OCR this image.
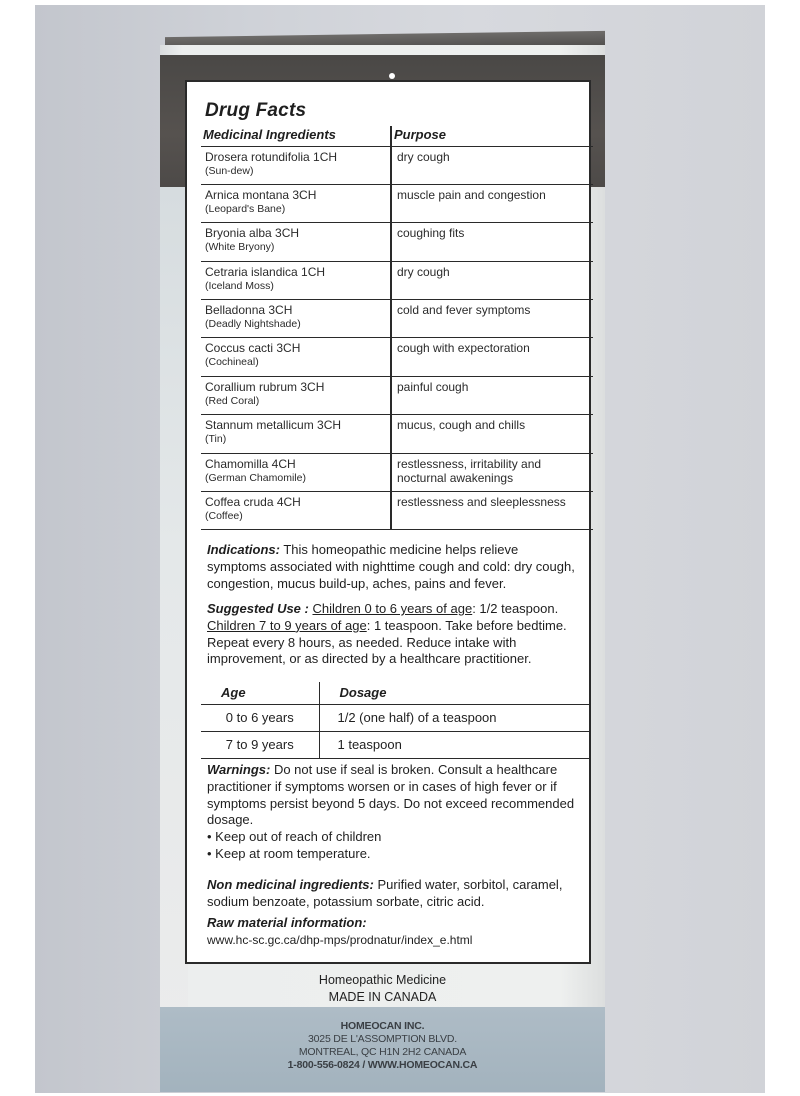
Homeopathic Medicine
MADE IN CANADA
HOMEOCAN INC.
3025 DE L'ASSOMPTION BLVD.
MONTREAL, QC H1N 2H2 CANADA
1-800-556-0824 / WWW.HOMEOCAN.CA
Drug Facts
Medicinal Ingredients	Purpose
Drosera rotundifolia 1CH
(Sun-dew)	dry cough
Arnica montana 3CH
(Leopard's Bane)	muscle pain and congestion
Bryonia alba 3CH
(White Bryony)	coughing fits
Cetraria islandica 1CH
(Iceland Moss)	dry cough
Belladonna 3CH
(Deadly Nightshade)	cold and fever symptoms
Coccus cacti 3CH
(Cochineal)	cough with expectoration
Corallium rubrum 3CH
(Red Coral)	painful cough
Stannum metallicum 3CH
(Tin)	mucus, cough and chills
Chamomilla 4CH
(German Chamomile)	restlessness, irritability and nocturnal awakenings
Coffea cruda 4CH
(Coffee)	restlessness and sleeplessness
Indications: This homeopathic medicine helps relieve symptoms associated with nighttime cough and cold: dry cough, congestion, mucus build-up, aches, pains and fever.
Suggested Use : Children 0 to 6 years of age: 1/2 teaspoon. Children 7 to 9 years of age: 1 teaspoon. Take before bedtime. Repeat every 8 hours, as needed. Reduce intake with improvement, or as directed by a healthcare practitioner.
Age	Dosage
0 to 6 years	1/2 (one half) of a teaspoon
7 to 9 years	1 teaspoon
Warnings: Do not use if seal is broken. Consult a healthcare practitioner if symptoms worsen or in cases of high fever or if symptoms persist beyond 5 days. Do not exceed recommended dosage.
• Keep out of reach of children
• Keep at room temperature.
Non medicinal ingredients: Purified water, sorbitol, caramel, sodium benzoate, potassium sorbate, citric acid.
Raw material information:
www.hc-sc.gc.ca/dhp-mps/prodnatur/index_e.html
